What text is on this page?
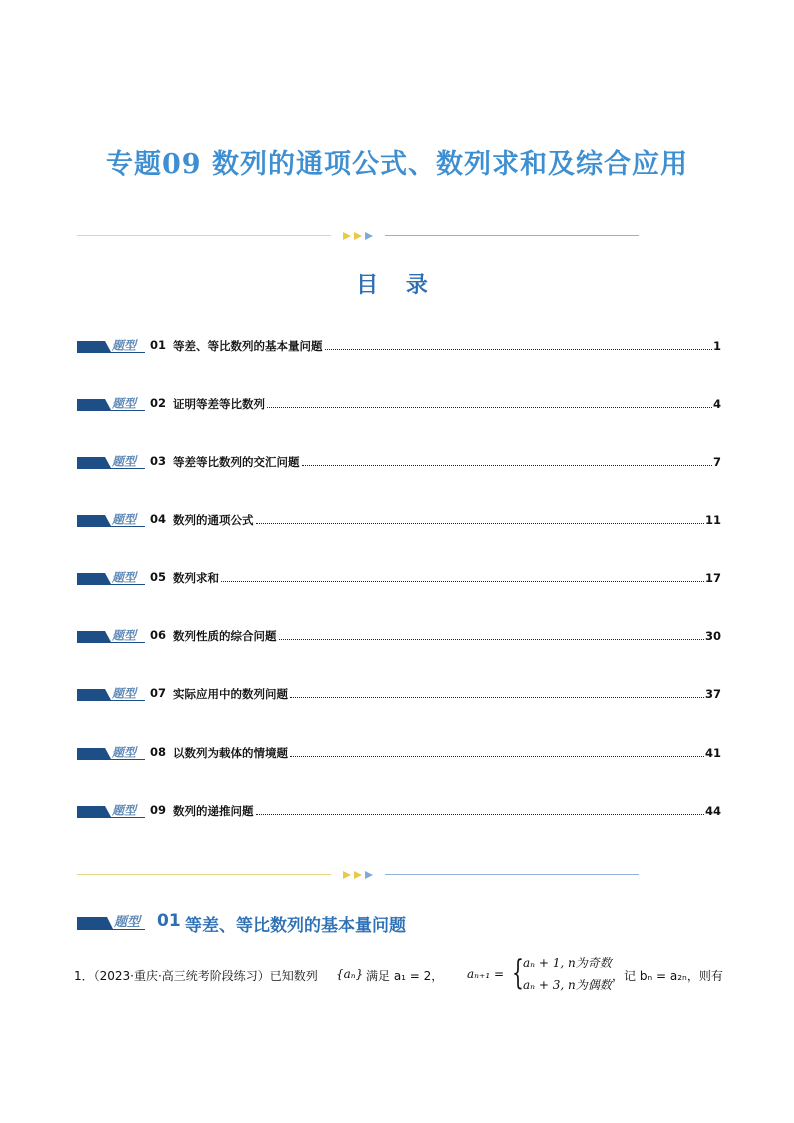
专题09 数列的通项公式、数列求和及综合应用
目 录
题型 01 等差、等比数列的基本量问题	1
题型 02 证明等差等比数列	4
题型 03 等差等比数列的交汇问题	7
题型 04 数列的通项公式	11
题型 05 数列求和	17
题型 06 数列性质的综合问题	30
题型 07 实际应用中的数列问题	37
题型 08 以数列为载体的情境题	41
题型 09 数列的递推问题	44
题型 01 等差、等比数列的基本量问题
1．（2023·重庆·高三统考阶段练习）已知数列 {aₙ} 满足 a₁ = 2， aₙ₊₁ = { aₙ + 1, n为奇数
aₙ + 3, n为偶数
，记 bₙ = a₂ₙ，则有
